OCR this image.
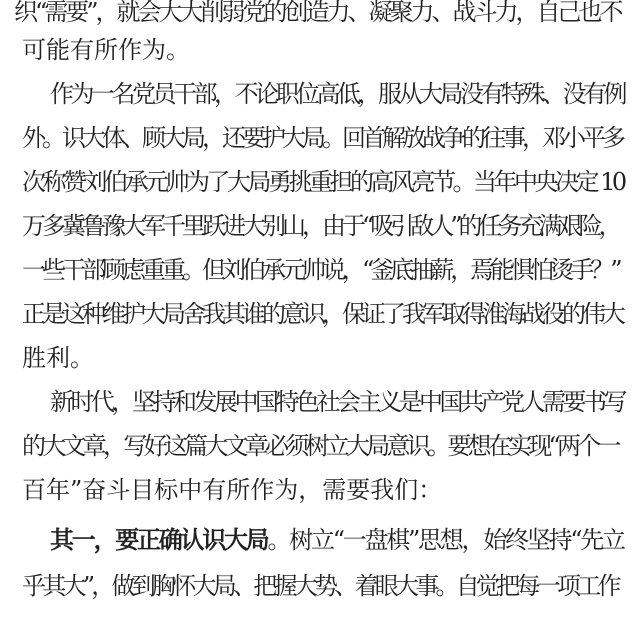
织“需要”，就会大大削弱党的创造力、凝聚力、战斗力，自己也不
可能有所作为。
作为一名党员干部，不论职位高低，服从大局没有特殊、没有例
外。识大体、顾大局，还要护大局。回首解放战争的往事，邓小平多
次称赞刘伯承元帅为了大局勇挑重担的高风亮节。当年中央决定 10
万多冀鲁豫大军千里跃进大别山，由于“吸引敌人”的任务充满艰险，
一些干部顾虑重重。但刘伯承元帅说，“釜底抽薪，焉能惧怕烫手？”
正是这种维护大局舍我其谁的意识，保证了我军取得淮海战役的伟大
胜利。
新时代，坚持和发展中国特色社会主义是中国共产党人需要书写
的大文章，写好这篇大文章必须树立大局意识。要想在实现“两个一
百年”奋斗目标中有所作为，需要我们：
其一，要正确认识大局。树立“一盘棋”思想，始终坚持“先立
乎其大”，做到胸怀大局、把握大势、着眼大事。自觉把每一项工作
